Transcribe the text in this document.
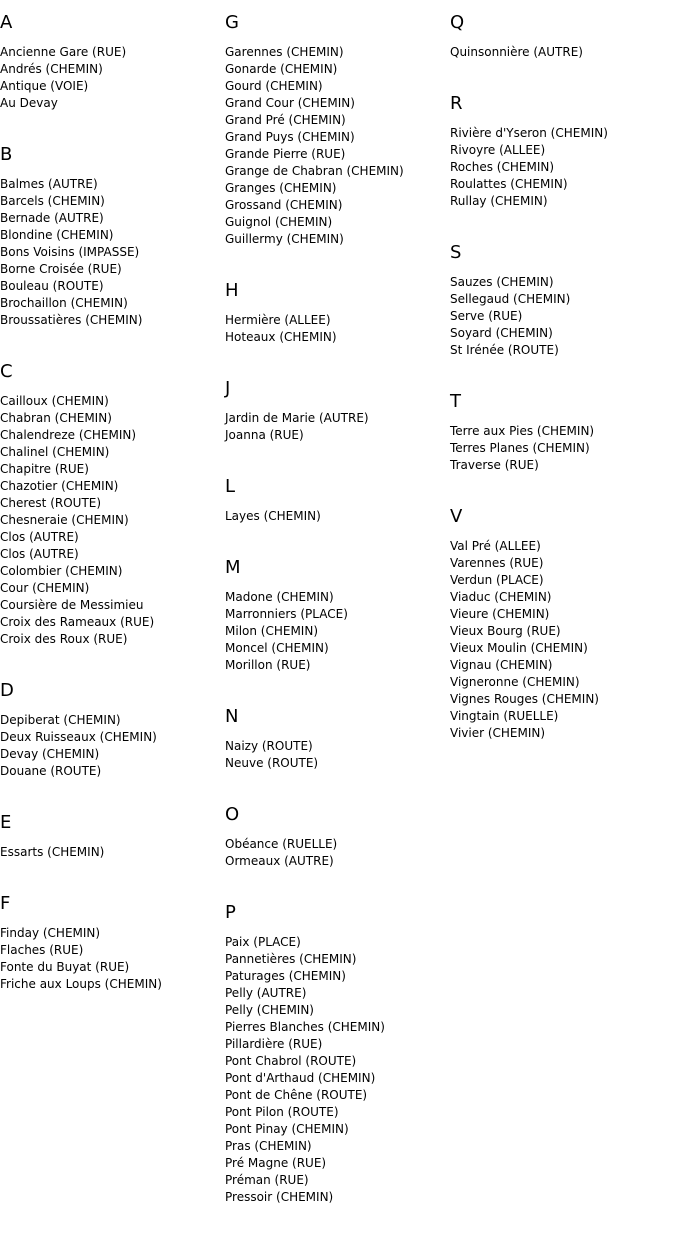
A
Ancienne Gare (RUE)
Andrés (CHEMIN)
Antique (VOIE)
Au Devay
B
Balmes (AUTRE)
Barcels (CHEMIN)
Bernade (AUTRE)
Blondine (CHEMIN)
Bons Voisins (IMPASSE)
Borne Croisée (RUE)
Bouleau (ROUTE)
Brochaillon (CHEMIN)
Broussatières (CHEMIN)
C
Cailloux (CHEMIN)
Chabran (CHEMIN)
Chalendreze (CHEMIN)
Chalinel (CHEMIN)
Chapitre (RUE)
Chazotier (CHEMIN)
Cherest (ROUTE)
Chesneraie (CHEMIN)
Clos (AUTRE)
Clos (AUTRE)
Colombier (CHEMIN)
Cour (CHEMIN)
Coursière de Messimieu
Croix des Rameaux (RUE)
Croix des Roux (RUE)
D
Depiberat (CHEMIN)
Deux Ruisseaux (CHEMIN)
Devay (CHEMIN)
Douane (ROUTE)
E
Essarts (CHEMIN)
F
Finday (CHEMIN)
Flaches (RUE)
Fonte du Buyat (RUE)
Friche aux Loups (CHEMIN)
G
Garennes (CHEMIN)
Gonarde (CHEMIN)
Gourd (CHEMIN)
Grand Cour (CHEMIN)
Grand Pré (CHEMIN)
Grand Puys (CHEMIN)
Grande Pierre (RUE)
Grange de Chabran (CHEMIN)
Granges (CHEMIN)
Grossand (CHEMIN)
Guignol (CHEMIN)
Guillermy (CHEMIN)
H
Hermière (ALLEE)
Hoteaux (CHEMIN)
J
Jardin de Marie (AUTRE)
Joanna (RUE)
L
Layes (CHEMIN)
M
Madone (CHEMIN)
Marronniers (PLACE)
Milon (CHEMIN)
Moncel (CHEMIN)
Morillon (RUE)
N
Naizy (ROUTE)
Neuve (ROUTE)
O
Obéance (RUELLE)
Ormeaux (AUTRE)
P
Paix (PLACE)
Pannetières (CHEMIN)
Paturages (CHEMIN)
Pelly (AUTRE)
Pelly (CHEMIN)
Pierres Blanches (CHEMIN)
Pillardière (RUE)
Pont Chabrol (ROUTE)
Pont d'Arthaud (CHEMIN)
Pont de Chêne (ROUTE)
Pont Pilon (ROUTE)
Pont Pinay (CHEMIN)
Pras (CHEMIN)
Pré Magne (RUE)
Préman (RUE)
Pressoir (CHEMIN)
Q
Quinsonnière (AUTRE)
R
Rivière d'Yseron (CHEMIN)
Rivoyre (ALLEE)
Roches (CHEMIN)
Roulattes (CHEMIN)
Rullay (CHEMIN)
S
Sauzes (CHEMIN)
Sellegaud (CHEMIN)
Serve (RUE)
Soyard (CHEMIN)
St Irénée (ROUTE)
T
Terre aux Pies (CHEMIN)
Terres Planes (CHEMIN)
Traverse (RUE)
V
Val Pré (ALLEE)
Varennes (RUE)
Verdun (PLACE)
Viaduc (CHEMIN)
Vieure (CHEMIN)
Vieux Bourg (RUE)
Vieux Moulin (CHEMIN)
Vignau (CHEMIN)
Vigneronne (CHEMIN)
Vignes Rouges (CHEMIN)
Vingtain (RUELLE)
Vivier (CHEMIN)
